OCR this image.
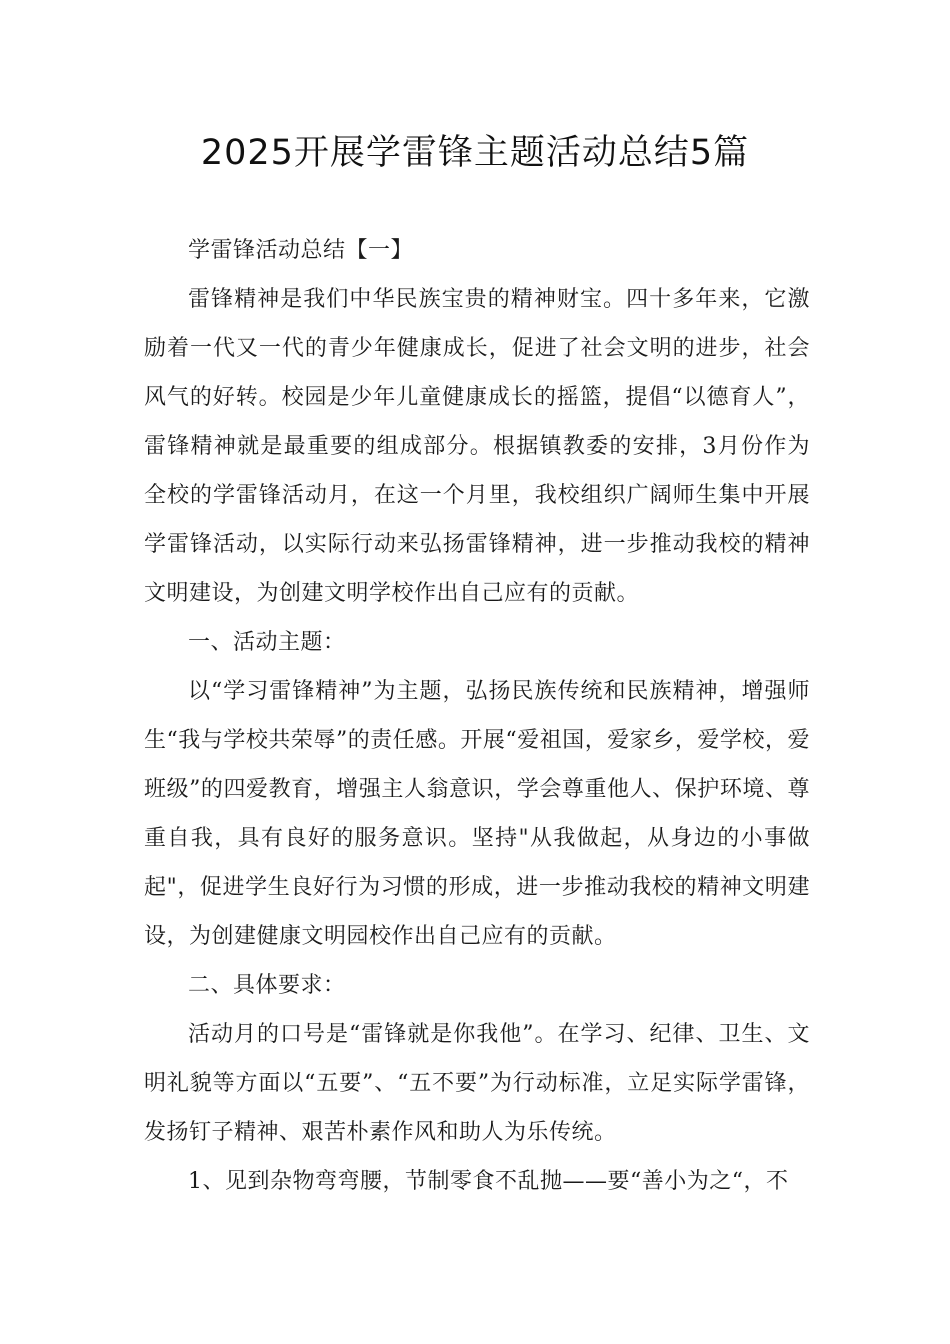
2025开展学雷锋主题活动总结5篇

学雷锋活动总结【一】

雷锋精神是我们中华民族宝贵的精神财宝。四十多年来，它激励着一代又一代的青少年健康成长，促进了社会文明的进步，社会风气的好转。校园是少年儿童健康成长的摇篮，提倡“以德育人”，雷锋精神就是最重要的组成部分。根据镇教委的安排，3月份作为全校的学雷锋活动月，在这一个月里，我校组织广阔师生集中开展学雷锋活动，以实际行动来弘扬雷锋精神，进一步推动我校的精神文明建设，为创建文明学校作出自己应有的贡献。

一、活动主题：

以“学习雷锋精神”为主题，弘扬民族传统和民族精神，增强师生“我与学校共荣辱”的责任感。开展“爱祖国，爱家乡，爱学校，爱班级”的四爱教育，增强主人翁意识，学会尊重他人、保护环境、尊重自我，具有良好的服务意识。坚持"从我做起，从身边的小事做起"，促进学生良好行为习惯的形成，进一步推动我校的精神文明建设，为创建健康文明园校作出自己应有的贡献。

二、具体要求：

活动月的口号是“雷锋就是你我他”。在学习、纪律、卫生、文明礼貌等方面以“五要”、“五不要”为行动标准，立足实际学雷锋，发扬钉子精神、艰苦朴素作风和助人为乐传统。

1、见到杂物弯弯腰，节制零食不乱抛——要“善小为之“，不
